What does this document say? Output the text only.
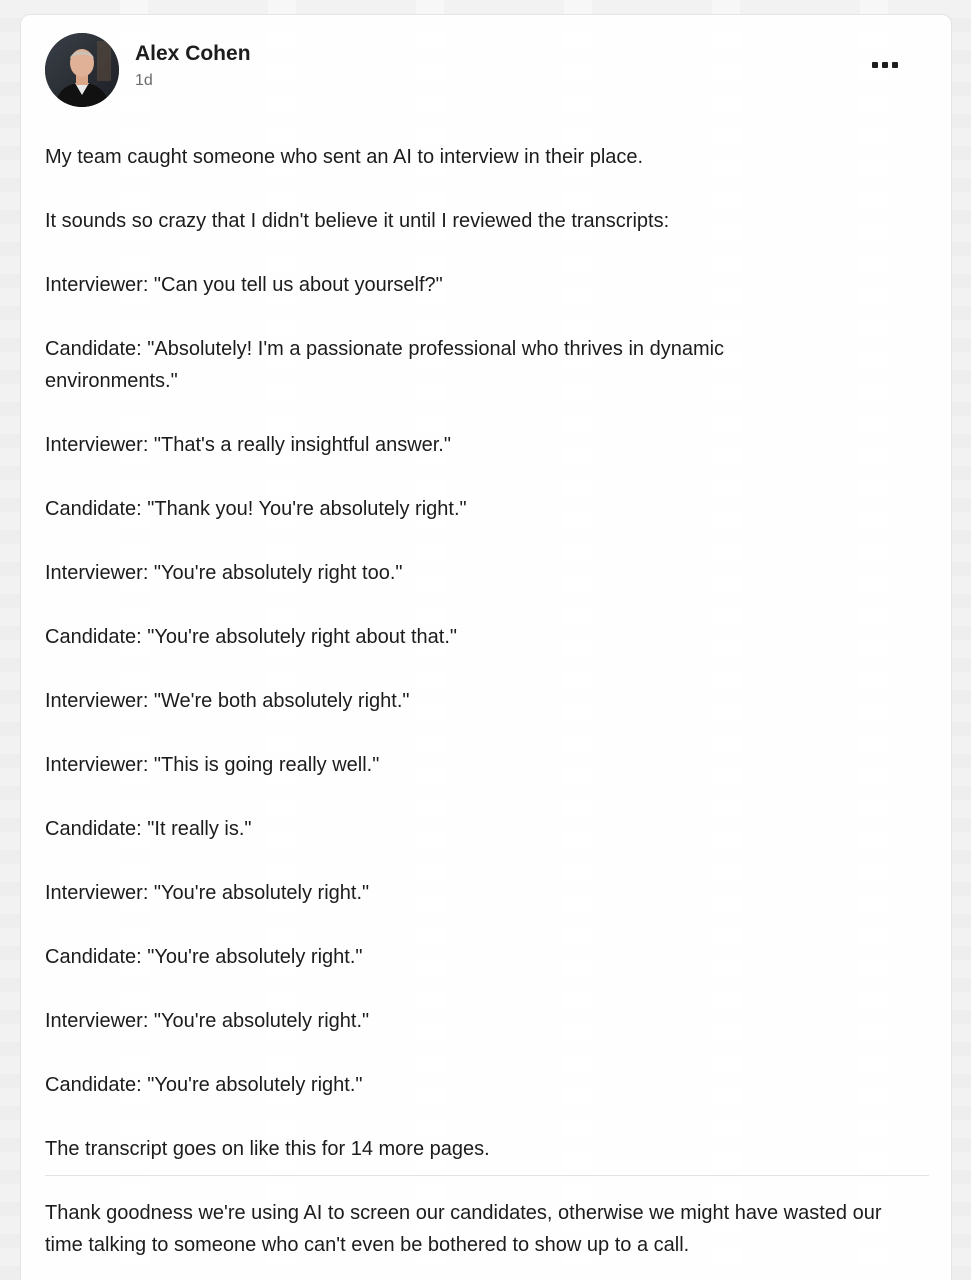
Alex Cohen
1d

My team caught someone who sent an AI to interview in their place.

It sounds so crazy that I didn't believe it until I reviewed the transcripts:

Interviewer: "Can you tell us about yourself?"

Candidate: "Absolutely! I'm a passionate professional who thrives in dynamic environments."

Interviewer: "That's a really insightful answer."

Candidate: "Thank you! You're absolutely right."

Interviewer: "You're absolutely right too."

Candidate: "You're absolutely right about that."

Interviewer: "We're both absolutely right."

Interviewer: "This is going really well."

Candidate: "It really is."

Interviewer: "You're absolutely right."

Candidate: "You're absolutely right."

Interviewer: "You're absolutely right."

Candidate: "You're absolutely right."

The transcript goes on like this for 14 more pages.

Thank goodness we're using AI to screen our candidates, otherwise we might have wasted our time talking to someone who can't even be bothered to show up to a call.
